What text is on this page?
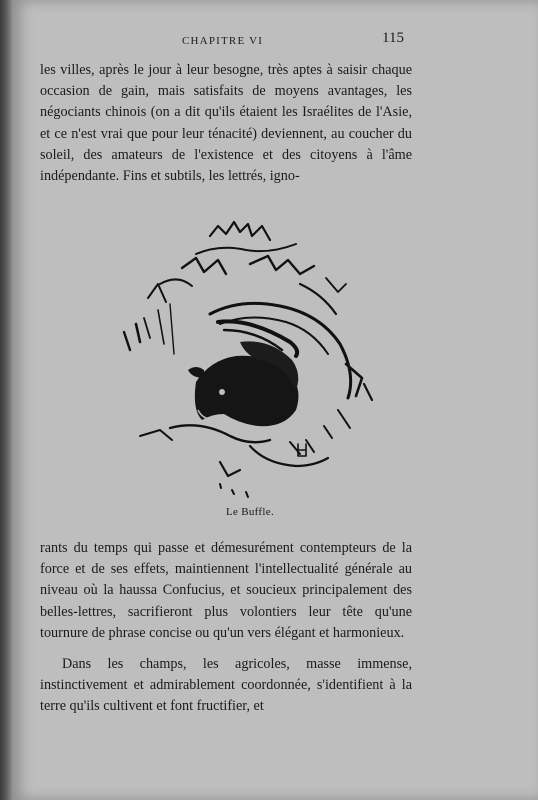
CHAPITRE VI	115

les villes, après le jour à leur besogne, très aptes à saisir chaque occasion de gain, mais satisfaits de moyens avantages, les négociants chinois (on a dit qu'ils étaient les Israélites de l'Asie, et ce n'est vrai que pour leur ténacité) deviennent, au coucher du soleil, des amateurs de l'existence et des citoyens à l'âme indépendante. Fins et subtils, les lettrés, igno-

Le Buffle.

rants du temps qui passe et démesurément contempteurs de la force et de ses effets, maintiennent l'intellectualité générale au niveau où la haussa Confucius, et soucieux principalement des belles-lettres, sacrifieront plus volontiers leur tête qu'une tournure de phrase concise ou qu'un vers élégant et harmonieux.

Dans les champs, les agricoles, masse immense, instinctivement et admirablement coordonnée, s'identifient à la terre qu'ils cultivent et font fructifier, et
